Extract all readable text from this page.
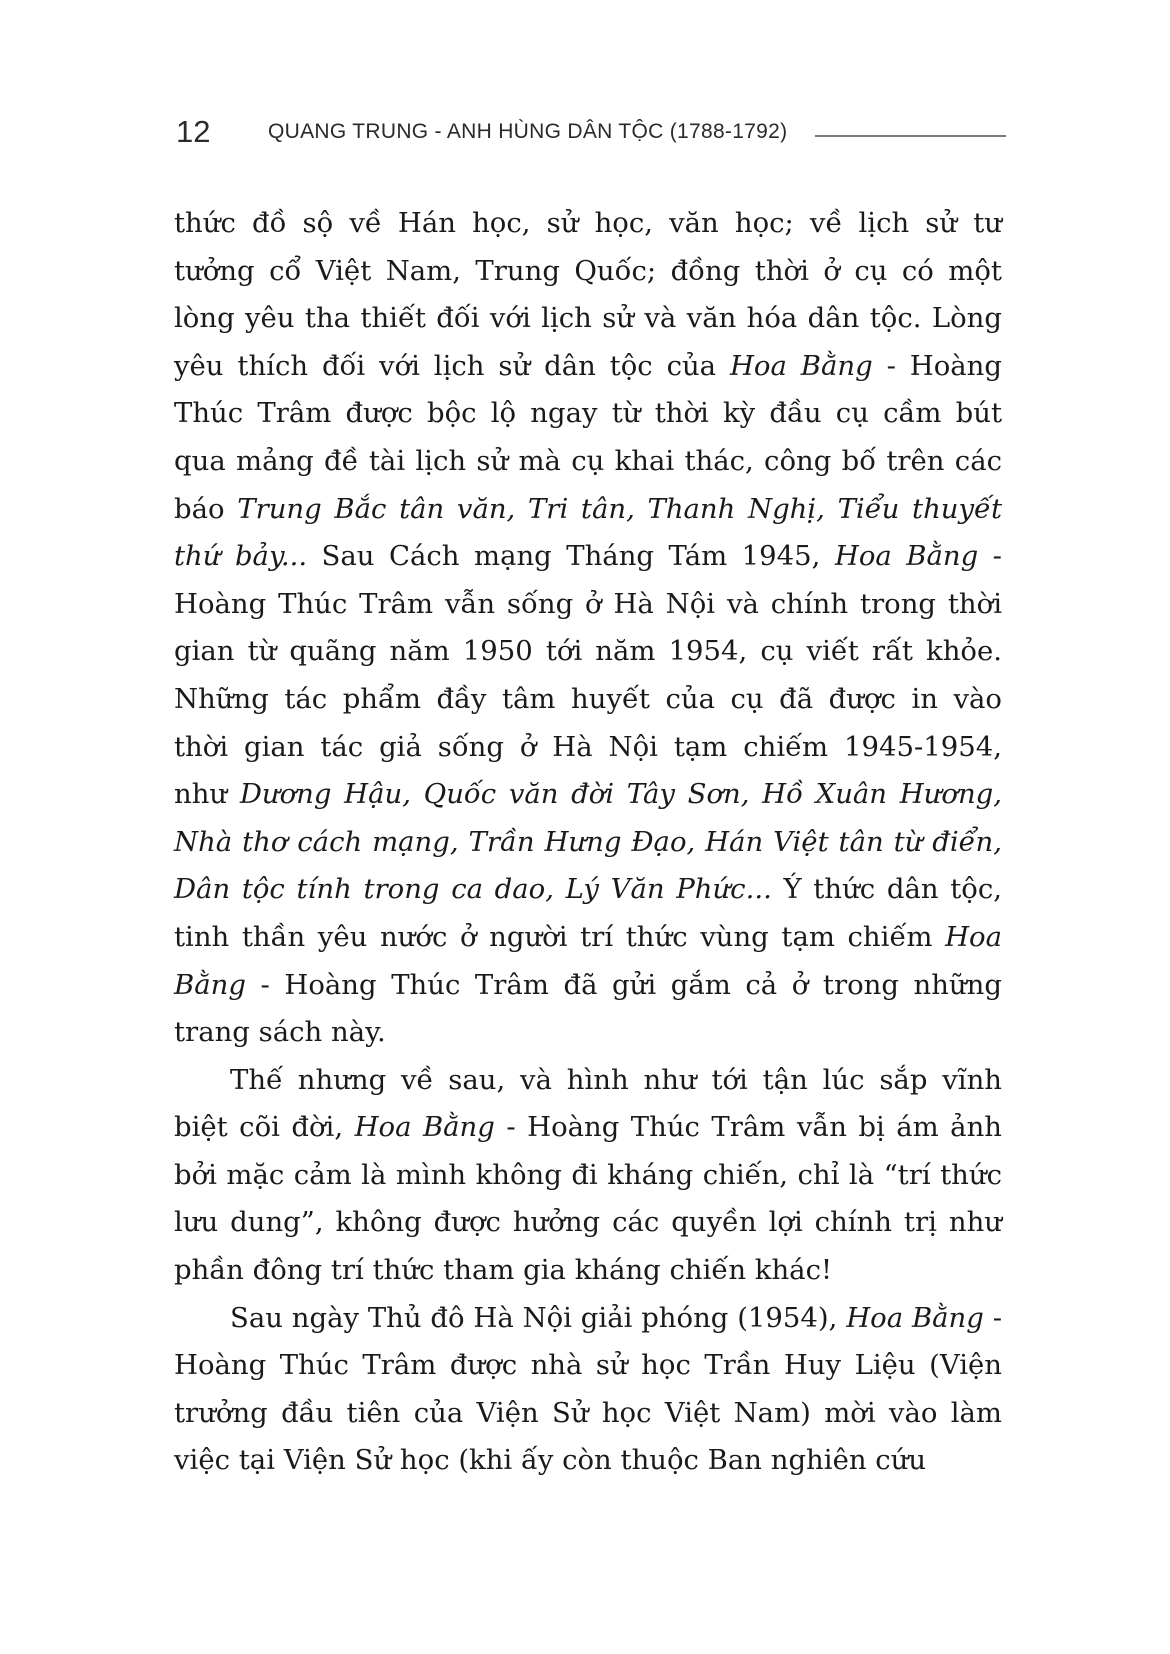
12	QUANG TRUNG - ANH HÙNG DÂN TỘC (1788-1792)
thức đồ sộ về Hán học, sử học, văn học; về lịch sử tư
tưởng cổ Việt Nam, Trung Quốc; đồng thời ở cụ có một
lòng yêu tha thiết đối với lịch sử và văn hóa dân tộc. Lòng
yêu thích đối với lịch sử dân tộc của Hoa Bằng - Hoàng
Thúc Trâm được bộc lộ ngay từ thời kỳ đầu cụ cầm bút
qua mảng đề tài lịch sử mà cụ khai thác, công bố trên các
báo Trung Bắc tân văn, Tri tân, Thanh Nghị, Tiểu thuyết
thứ bảy... Sau Cách mạng Tháng Tám 1945, Hoa Bằng -
Hoàng Thúc Trâm vẫn sống ở Hà Nội và chính trong thời
gian từ quãng năm 1950 tới năm 1954, cụ viết rất khỏe.
Những tác phẩm đầy tâm huyết của cụ đã được in vào
thời gian tác giả sống ở Hà Nội tạm chiếm 1945-1954,
như Dương Hậu, Quốc văn đời Tây Sơn, Hồ Xuân Hương,
Nhà thơ cách mạng, Trần Hưng Đạo, Hán Việt tân từ điển,
Dân tộc tính trong ca dao, Lý Văn Phức... Ý thức dân tộc,
tinh thần yêu nước ở người trí thức vùng tạm chiếm Hoa
Bằng - Hoàng Thúc Trâm đã gửi gắm cả ở trong những
trang sách này.
Thế nhưng về sau, và hình như tới tận lúc sắp vĩnh
biệt cõi đời, Hoa Bằng - Hoàng Thúc Trâm vẫn bị ám ảnh
bởi mặc cảm là mình không đi kháng chiến, chỉ là “trí thức
lưu dung”, không được hưởng các quyền lợi chính trị như
phần đông trí thức tham gia kháng chiến khác!
Sau ngày Thủ đô Hà Nội giải phóng (1954), Hoa Bằng -
Hoàng Thúc Trâm được nhà sử học Trần Huy Liệu (Viện
trưởng đầu tiên của Viện Sử học Việt Nam) mời vào làm
việc tại Viện Sử học (khi ấy còn thuộc Ban nghiên cứu
